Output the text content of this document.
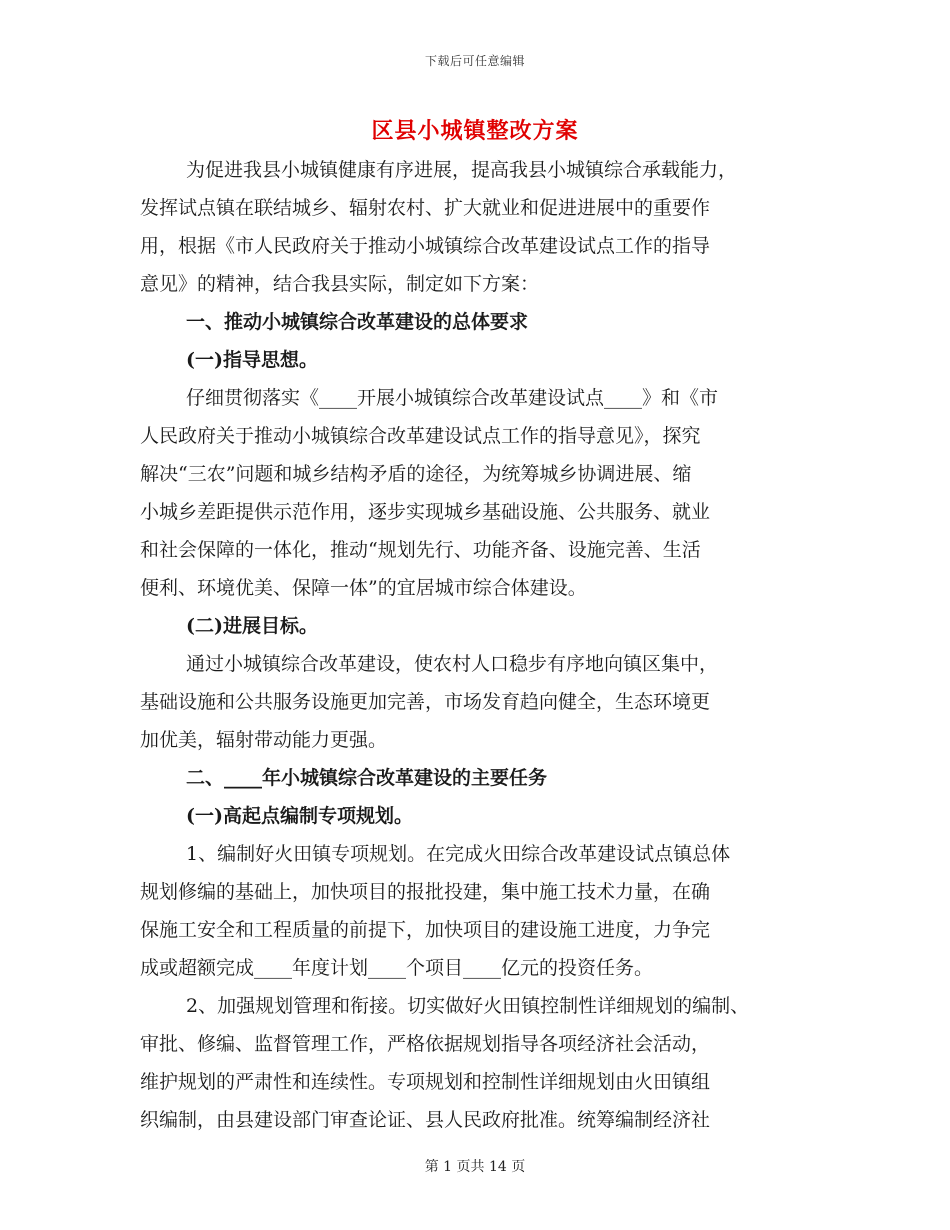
下载后可任意编辑
区县小城镇整改方案
为促进我县小城镇健康有序进展，提高我县小城镇综合承载能力，
发挥试点镇在联结城乡、辐射农村、扩大就业和促进进展中的重要作
用，根据《市人民政府关于推动小城镇综合改革建设试点工作的指导
意见》的精神，结合我县实际，制定如下方案：
一、推动小城镇综合改革建设的总体要求
(一)指导思想。
仔细贯彻落实《____开展小城镇综合改革建设试点____》和《市
人民政府关于推动小城镇综合改革建设试点工作的指导意见》，探究
解决“三农”问题和城乡结构矛盾的途径，为统筹城乡协调进展、缩
小城乡差距提供示范作用，逐步实现城乡基础设施、公共服务、就业
和社会保障的一体化，推动“规划先行、功能齐备、设施完善、生活
便利、环境优美、保障一体”的宜居城市综合体建设。
(二)进展目标。
通过小城镇综合改革建设，使农村人口稳步有序地向镇区集中，
基础设施和公共服务设施更加完善，市场发育趋向健全，生态环境更
加优美，辐射带动能力更强。
二、____年小城镇综合改革建设的主要任务
(一)高起点编制专项规划。
1、编制好火田镇专项规划。在完成火田综合改革建设试点镇总体
规划修编的基础上，加快项目的报批投建，集中施工技术力量，在确
保施工安全和工程质量的前提下，加快项目的建设施工进度，力争完
成或超额完成____年度计划____个项目____亿元的投资任务。
2、加强规划管理和衔接。切实做好火田镇控制性详细规划的编制、
审批、修编、监督管理工作，严格依据规划指导各项经济社会活动，
维护规划的严肃性和连续性。专项规划和控制性详细规划由火田镇组
织编制，由县建设部门审查论证、县人民政府批准。统筹编制经济社
第 1 页共 14 页
